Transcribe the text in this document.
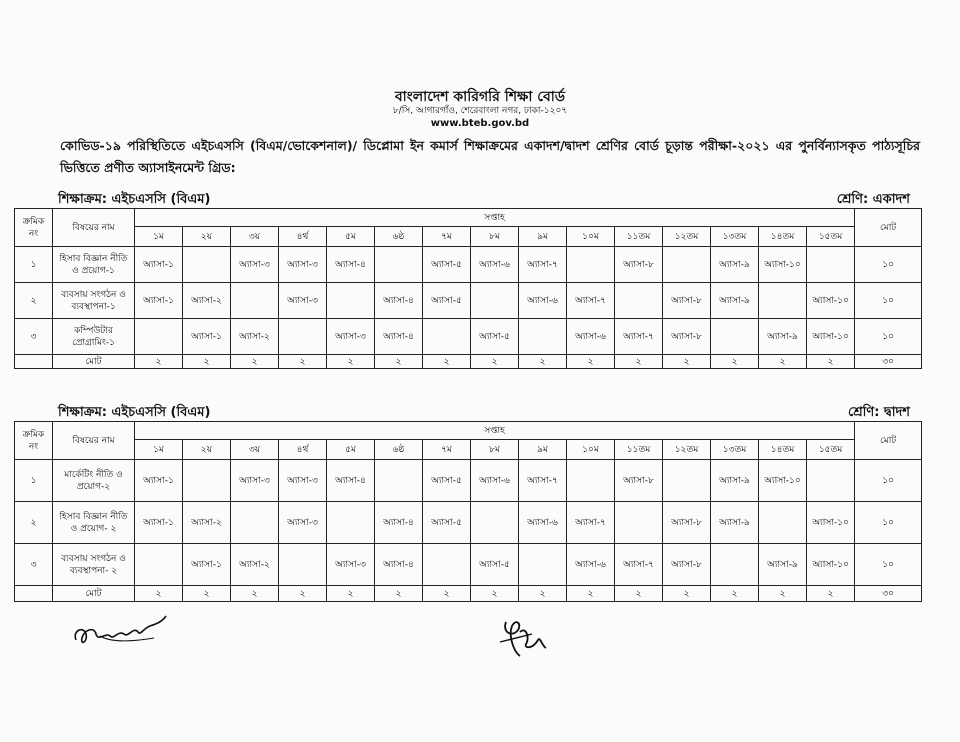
বাংলাদেশ কারিগরি শিক্ষা বোর্ড
৮/সি, আগারগাঁও, শেরেবাংলা নগর, ঢাকা-১২০৭
www.bteb.gov.bd
কোভিড-১৯ পরিস্থিতিতে এইচএসসি (বিএম/ভোকেশনাল)/ ডিপ্লোমা ইন কমার্স শিক্ষাক্রমের একাদশ/দ্বাদশ শ্রেণির বোর্ড চূড়ান্ত পরীক্ষা-২০২১ এর পুনর্বিন্যাসকৃত পাঠ্যসূচির ভিত্তিতে প্রণীত অ্যাসাইনমেন্ট গ্রিড:
শিক্ষাক্রম: এইচএসসি (বিএম)	শ্রেণি: একাদশ
ক্রমিক নং	বিষয়ের নাম	সপ্তাহ															মোট
		১ম	২য়	৩য়	৪র্থ	৫ম	৬ষ্ঠ	৭ম	৮ম	৯ম	১০ম	১১তম	১২তম	১৩তম	১৪তম	১৫তম	
১	হিসাব বিজ্ঞান নীতি ও প্রয়োগ-১	অ্যাসা-১		অ্যাসা-৩	অ্যাসা-৩	অ্যাসা-৪		অ্যাসা-৫	অ্যাসা-৬	অ্যাসা-৭		অ্যাসা-৮		অ্যাসা-৯	অ্যাসা-১০		১০
২	ব্যবসায় সংগঠন ও ব্যবস্থাপনা-১	অ্যাসা-১	অ্যাসা-২		অ্যাসা-৩		অ্যাসা-৪	অ্যাসা-৫		অ্যাসা-৬	অ্যাসা-৭		অ্যাসা-৮	অ্যাসা-৯		অ্যাসা-১০	১০
৩	কম্পিউটার প্রোগ্রামিং-১		অ্যাসা-১	অ্যাসা-২		অ্যাসা-৩	অ্যাসা-৪		অ্যাসা-৫		অ্যাসা-৬	অ্যাসা-৭	অ্যাসা-৮		অ্যাসা-৯	অ্যাসা-১০	১০
	মোট	২	২	২	২	২	২	২	২	২	২	২	২	২	২	২	৩০
শিক্ষাক্রম: এইচএসসি (বিএম)	শ্রেণি: দ্বাদশ
ক্রমিক নং	বিষয়ের নাম	সপ্তাহ															মোট
		১ম	২য়	৩য়	৪র্থ	৫ম	৬ষ্ঠ	৭ম	৮ম	৯ম	১০ম	১১তম	১২তম	১৩তম	১৪তম	১৫তম	
১	মার্কেটিং নীতি ও প্রয়োগ-২	অ্যাসা-১		অ্যাসা-৩	অ্যাসা-৩	অ্যাসা-৪		অ্যাসা-৫	অ্যাসা-৬	অ্যাসা-৭		অ্যাসা-৮		অ্যাসা-৯	অ্যাসা-১০		১০
২	হিসাব বিজ্ঞান নীতি ও প্রয়োগ- ২	অ্যাসা-১	অ্যাসা-২		অ্যাসা-৩		অ্যাসা-৪	অ্যাসা-৫		অ্যাসা-৬	অ্যাসা-৭		অ্যাসা-৮	অ্যাসা-৯		অ্যাসা-১০	১০
৩	ব্যবসায় সংগঠন ও ব্যবস্থাপনা- ২		অ্যাসা-১	অ্যাসা-২		অ্যাসা-৩	অ্যাসা-৪		অ্যাসা-৫		অ্যাসা-৬	অ্যাসা-৭	অ্যাসা-৮		অ্যাসা-৯	অ্যাসা-১০	১০
	মোট	২	২	২	২	২	২	২	২	২	২	২	২	২	২	২	৩০
